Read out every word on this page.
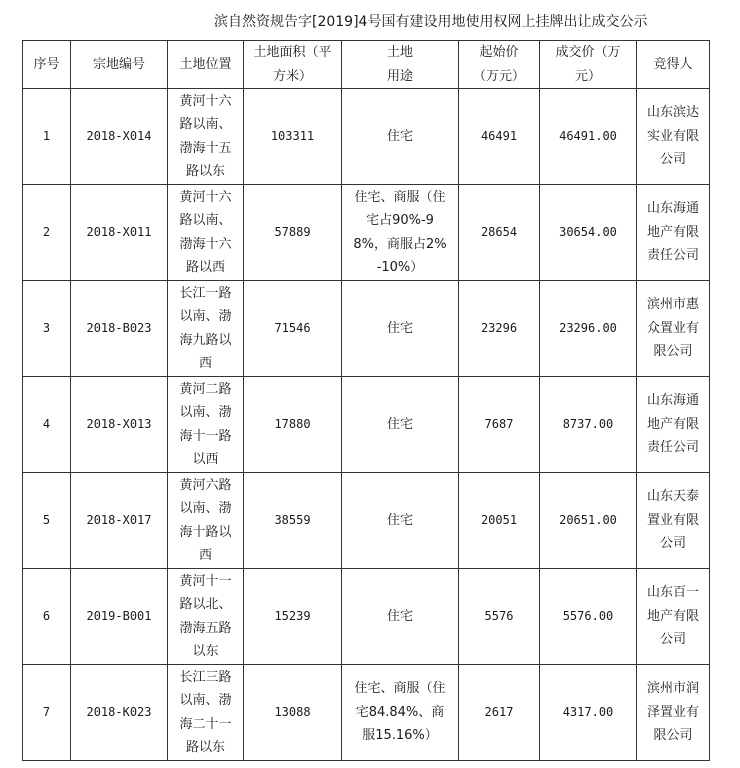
滨自然资规告字[2019]4号国有建设用地使用权网上挂牌出让成交公示
序号	宗地编号	土地位置	土地面积（平方米）	土地用途	起始价（万元）	成交价（万元）	竞得人
1	2018-X014	黄河十六路以南、渤海十五路以东	103311	住宅	46491	46491.00	山东滨达实业有限公司

2	2018-X011	黄河十六路以南、渤海十六路以西	57889	住宅、商服（住宅占90%-98%，商服占2%-10%）	28654	30654.00	山东海通地产有限责任公司

3	2018-B023	长江一路以南、渤海九路以西	71546	住宅	23296	23296.00	滨州市惠众置业有限公司

4	2018-X013	黄河二路以南、渤海十一路以西	17880	住宅	7687	8737.00	山东海通地产有限责任公司

5	2018-X017	黄河六路以南、渤海十路以西	38559	住宅	20051	20651.00	山东天泰置业有限公司

6	2019-B001	黄河十一路以北、渤海五路以东	15239	住宅	5576	5576.00	山东百一地产有限公司

7	2018-K023	长江三路以南、渤海二十一路以东	13088	住宅、商服（住宅84.84%、商服15.16%）	2617	4317.00	滨州市润泽置业有限公司
